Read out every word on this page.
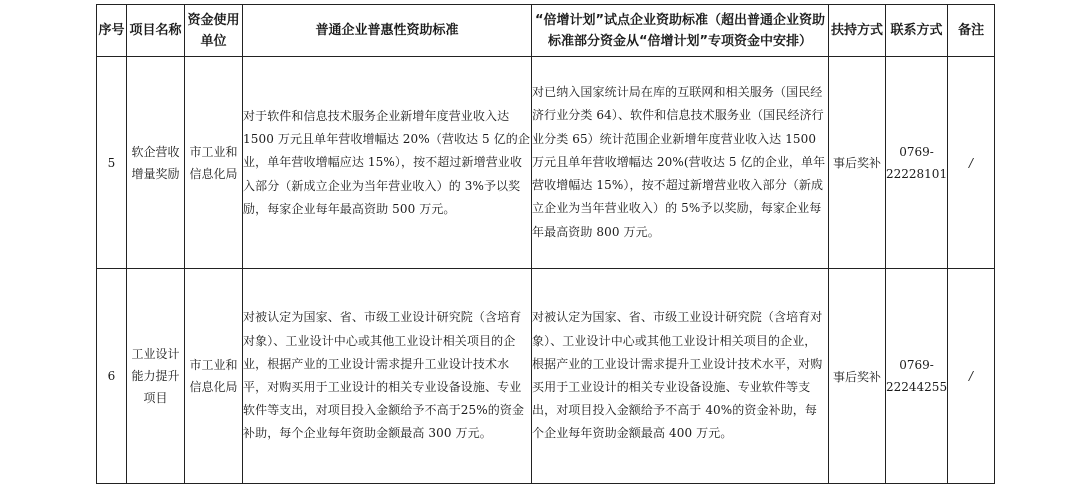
序号	项目名称	资金使用单位	普通企业普惠性资助标准	“倍增计划”试点企业资助标准（超出普通企业资助标准部分资金从“倍增计划”专项资金中安排）	扶持方式	联系方式	备注
5	软企营收增量奖励	市工业和信息化局	对于软件和信息技术服务企业新增年度营业收入达 1500 万元且单年营收增幅达 20%（营收达 5 亿的企业，单年营收增幅应达 15%），按不超过新增营业收入部分（新成立企业为当年营业收入）的 3%予以奖励，每家企业每年最高资助 500 万元。	对已纳入国家统计局在库的互联网和相关服务（国民经济行业分类 64）、软件和信息技术服务业（国民经济行业分类 65）统计范围企业新增年度营业收入达 1500 万元且单年营收增幅达 20%(营收达 5 亿的企业，单年营收增幅达 15%），按不超过新增营业收入部分（新成立企业为当年营业收入）的 5%予以奖励，每家企业每年最高资助 800 万元。	事后奖补	0769-22228101	/
6	工业设计能力提升项目	市工业和信息化局	对被认定为国家、省、市级工业设计研究院（含培育对象）、工业设计中心或其他工业设计相关项目的企业，根据产业的工业设计需求提升工业设计技术水平，对购买用于工业设计的相关专业设备设施、专业软件等支出，对项目投入金额给予不高于25%的资金补助，每个企业每年资助金额最高 300 万元。	对被认定为国家、省、市级工业设计研究院（含培育对象）、工业设计中心或其他工业设计相关项目的企业，根据产业的工业设计需求提升工业设计技术水平，对购买用于工业设计的相关专业设备设施、专业软件等支出，对项目投入金额给予不高于 40%的资金补助，每个企业每年资助金额最高 400 万元。	事后奖补	0769-22244255	/
